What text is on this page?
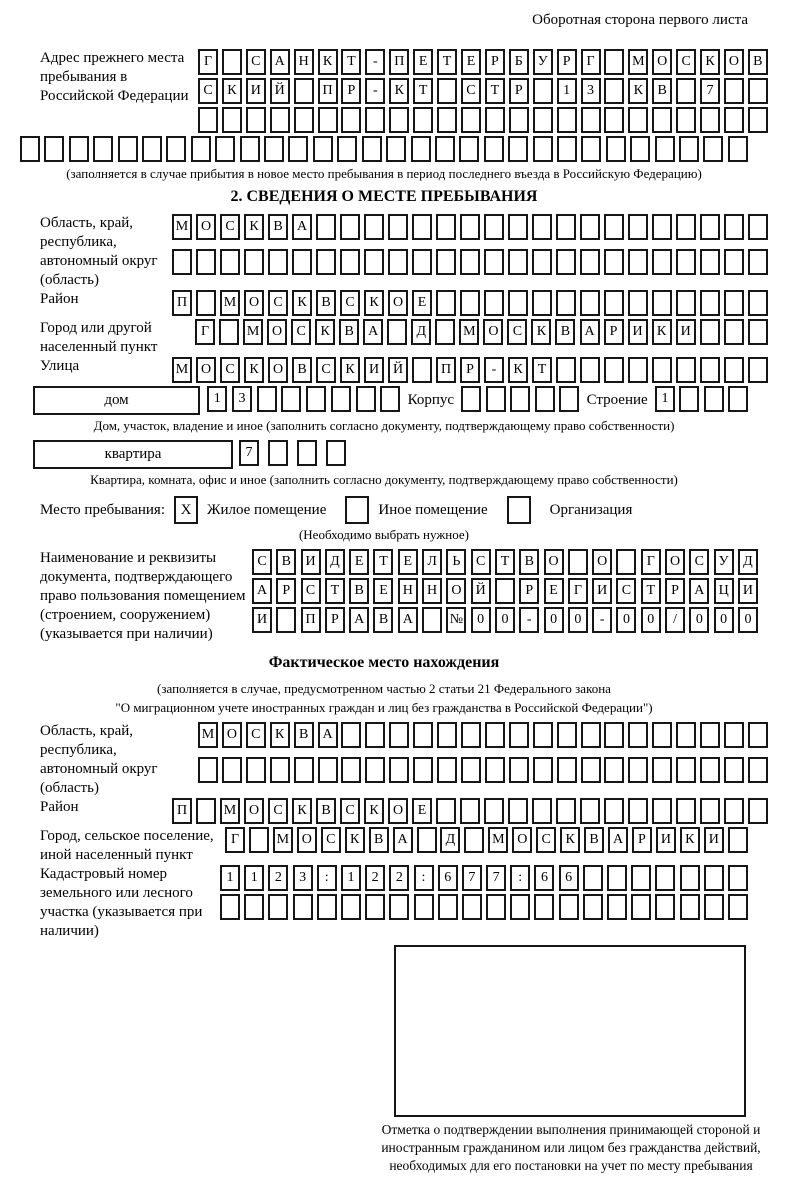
Оборотная сторона первого листа
Адрес прежнего места пребывания в Российской Федерации
Г	С	А Н	К	Т	-	П	Е	Т	Е	Р	Б	У	Р	Г	М О	С	К	О	В
С	К	И Й	П	Р	-	К	Т	С	Т	Р	1	3	К	В	7
(заполняется в случае прибытия в новое место пребывания в период последнего въезда в Российскую Федерацию)
2. СВЕДЕНИЯ О МЕСТЕ ПРЕБЫВАНИЯ
Область, край, республика, автономный округ (область)
М О	С	К	В	А
Район	П	М О	С	К	В	С	К	О	Е
Город или другой населенный пункт
Г	М О	С	К	В	А	Д	М О	С	К	В	А	Р	И	К	И
Улица	М О	С	К	О	В	С	К	И Й	П	Р	-	К	Т
дом	1	3	Корпус	Строение 1
Дом, участок, владение и иное (заполнить согласно документу, подтверждающему право собственности)
квартира	7
Квартира, комната, офис и иное (заполнить согласно документу, подтверждающему право собственности)
Место пребывания:	X	Жилое помещение	Иное помещение	Организация
(Необходимо выбрать нужное)
Наименование и реквизиты документа, подтверждающего право пользования помещением (строением, сооружением) (указывается при наличии)
С	В	И	Д	Е	Т	Е	Л	Ь	С	Т	В	О	О	Г	О	С	У	Д
А	Р	С	Т	В	Е	Н	Н	О	Й	Р	Е	Г	И	С	Т	Р	А	Ц	И
И	П	Р	А	В	А	№	0	0	-	0	0	-	0	0	/	0	0	0
Фактическое место нахождения
(заполняется в случае, предусмотренном частью 2 статьи 21 Федерального закона
"О миграционном учете иностранных граждан и лиц без гражданства в Российской Федерации")
Область, край, республика, автономный округ (область)
М О	С	К	В	А
Район	П	М О	С	К	В	С	К	О	Е
Город, сельское поселение, иной населенный пункт
Г	М О	С	К	В	А	Д	М О	С	К	В	А	Р	И	К	И
Кадастровый номер земельного или лесного участка (указывается при наличии)
1	1	2	3	:	1	2	2	:	6	7	7	:	6	6
Отметка о подтверждении выполнения принимающей стороной и иностранным гражданином или лицом без гражданства действий, необходимых для его постановки на учет по месту пребывания
